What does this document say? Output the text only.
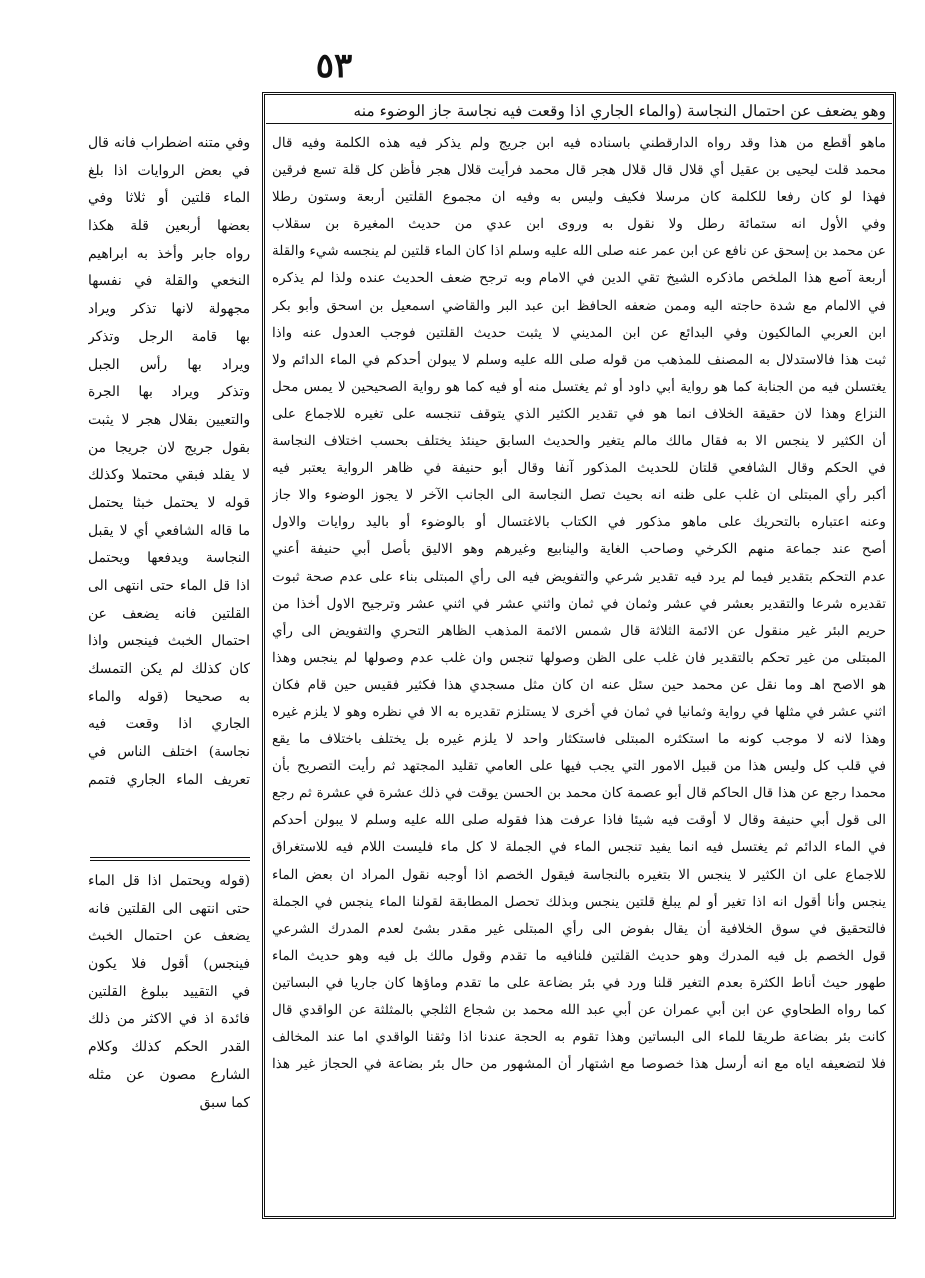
٥٣
وفي متنه اضطراب فانه قال
في بعض الروايات اذا بلغ
الماء قلتين أو ثلاثا وفي
بعضها أربعين قلة هكذا
رواه جابر وأخذ به ابراهيم
النخعي والقلة في نفسها
مجهولة لانها تذكر ويراد
بها قامة الرجل وتذكر
ويراد بها رأس الجبل
وتذكر ويراد بها الجرة
والتعيين بقلال هجر لا يثبت
بقول جريج لان جريجا من
لا يقلد فبقي محتملا وكذلك
قوله لا يحتمل خبثا يحتمل
ما قاله الشافعي أي لا يقبل
النجاسة ويدفعها ويحتمل
اذا قل الماء حتى انتهى الى
القلتين فانه يضعف عن
احتمال الخبث فينجس واذا
كان كذلك لم يكن التمسك
به صحيحا (قوله والماء
الجاري اذا وقعت فيه
نجاسة) اختلف الناس في
تعريف الماء الجاري فتمم
(قوله ويحتمل اذا قل الماء
حتى انتهى الى القلتين فانه
يضعف عن احتمال الخبث
فينجس) أقول فلا يكون
في التقييد ببلوغ القلتين
فائدة اذ في الاكثر من ذلك
القدر الحكم كذلك وكلام
الشارع مصون عن مثله
كما سبق
وهو يضعف عن احتمال النجاسة (والماء الجاري اذا وقعت فيه نجاسة جاز الوضوء منه
ماهو أقطع من هذا وقد رواه الدارقطني باسناده فيه ابن جريج ولم يذكر فيه هذه الكلمة وفيه قال
محمد قلت ليحيى بن عقيل أي قلال قال قلال هجر قال محمد فرأيت قلال هجر فأظن كل قلة تسع فرقين
فهذا لو كان رفعا للكلمة كان مرسلا فكيف وليس به وفيه ان مجموع القلتين أربعة وستون رطلا
وفي الأول انه ستمائة رطل ولا نقول به وروى ابن عدي من حديث المغيرة بن سقلاب
عن محمد بن إسحق عن نافع عن ابن عمر عنه صلى الله عليه وسلم اذا كان الماء قلتين لم ينجسه شيء والقلة
أربعة آصع هذا الملخص ماذكره الشيخ تقي الدين في الامام وبه ترجح ضعف الحديث عنده ولذا لم يذكره
في الالمام مع شدة حاجته اليه وممن ضعفه الحافظ ابن عبد البر والقاضي اسمعيل بن اسحق وأبو بكر
ابن العربي المالكيون وفي البدائع عن ابن المديني لا يثبت حديث القلتين فوجب العدول عنه واذا
ثبت هذا فالاستدلال به المصنف للمذهب من قوله صلى الله عليه وسلم لا يبولن أحدكم في الماء الدائم ولا
يغتسلن فيه من الجنابة كما هو رواية أبي داود أو ثم يغتسل منه أو فيه كما هو رواية الصحيحين لا يمس محل
النزاع وهذا لان حقيقة الخلاف انما هو في تقدير الكثير الذي يتوقف تنجسه على تغيره للاجماع على
أن الكثير لا ينجس الا به فقال مالك مالم يتغير والحديث السابق حينئذ يختلف بحسب اختلاف النجاسة
في الحكم وقال الشافعي قلتان للحديث المذكور آنفا وقال أبو حنيفة في ظاهر الرواية يعتبر فيه
أكبر رأي المبتلى ان غلب على ظنه انه بحيث تصل النجاسة الى الجانب الآخر لا يجوز الوضوء والا جاز
وعنه اعتباره بالتحريك على ماهو مذكور في الكتاب بالاغتسال أو بالوضوء أو باليد روايات والاول
أصح عند جماعة منهم الكرخي وصاحب الغاية والينابيع وغيرهم وهو الاليق بأصل أبي حنيفة أعني
عدم التحكم بتقدير فيما لم يرد فيه تقدير شرعي والتفويض فيه الى رأي المبتلى بناء على عدم صحة ثبوت
تقديره شرعا والتقدير بعشر في عشر وثمان في ثمان واثني عشر في اثني عشر وترجيح الاول أخذا من
حريم البئر غير منقول عن الائمة الثلاثة قال شمس الائمة المذهب الظاهر التحري والتفويض الى رأي
المبتلى من غير تحكم بالتقدير فان غلب على الظن وصولها تنجس وان غلب عدم وصولها لم ينجس وهذا
هو الاصح اهـ وما نقل عن محمد حين سئل عنه ان كان مثل مسجدي هذا فكثير فقيس حين قام فكان
اثني عشر في مثلها في رواية وثمانيا في ثمان في أخرى لا يستلزم تقديره به الا في نظره وهو لا يلزم غيره
وهذا لانه لا موجب كونه ما استكثره المبتلى فاستكثار واحد لا يلزم غيره بل يختلف باختلاف ما يقع
في قلب كل وليس هذا من قبيل الامور التي يجب فيها على العامي تقليد المجتهد ثم رأيت التصريح بأن
محمدا رجع عن هذا قال الحاكم قال أبو عصمة كان محمد بن الحسن يوقت في ذلك عشرة في عشرة ثم رجع
الى قول أبي حنيفة وقال لا أوقت فيه شيئا فاذا عرفت هذا فقوله صلى الله عليه وسلم لا يبولن أحدكم
في الماء الدائم ثم يغتسل فيه انما يفيد تنجس الماء في الجملة لا كل ماء فليست اللام فيه للاستغراق
للاجماع على ان الكثير لا ينجس الا بتغيره بالنجاسة فيقول الخصم اذا أوجبه نقول المراد ان بعض الماء
ينجس وأنا أقول انه اذا تغير أو لم يبلغ قلتين ينجس وبذلك تحصل المطابقة لقولنا الماء ينجس في الجملة
فالتحقيق في سوق الخلافية أن يقال بفوض الى رأي المبتلى غير مقدر بشئ لعدم المدرك الشرعي
قول الخصم بل فيه المدرك وهو حديث القلتين فلنافيه ما تقدم وقول مالك بل فيه وهو حديث الماء
طهور حيث أناط الكثرة بعدم التغير قلنا ورد في بئر بضاعة على ما تقدم وماؤها كان جاريا في البساتين
كما رواه الطحاوي عن ابن أبي عمران عن أبي عبد الله محمد بن شجاع الثلجي بالمثلثة عن الواقدي قال
كانت بئر بضاعة طريقا للماء الى البساتين وهذا تقوم به الحجة عندنا اذا وثقنا الواقدي اما عند المخالف
فلا لتضعيفه اياه مع انه أرسل هذا خصوصا مع اشتهار أن المشهور من حال بئر بضاعة في الحجاز غير هذا
